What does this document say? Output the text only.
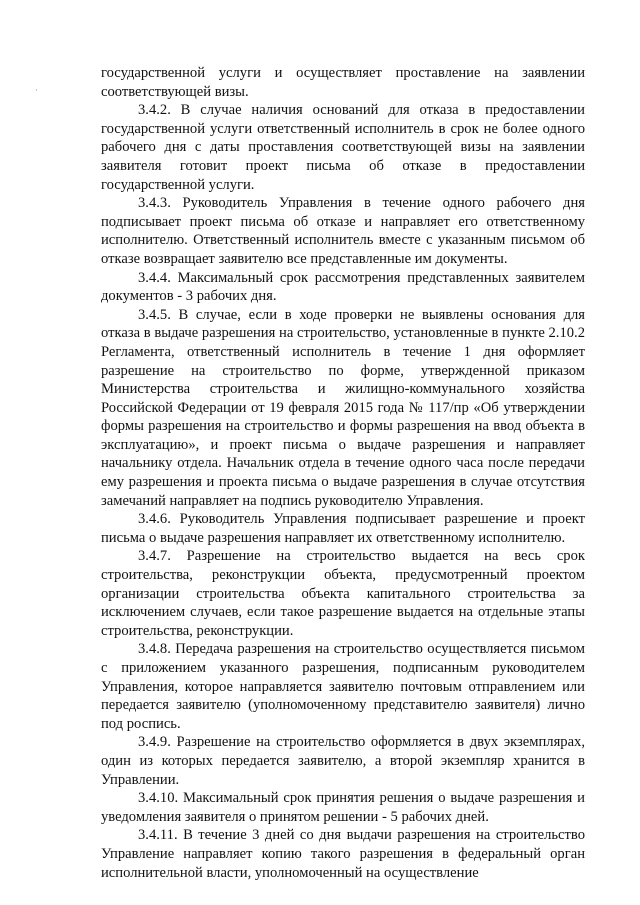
·

государственной услуги и осуществляет проставление на заявлении соответствующей визы.

3.4.2. В случае наличия оснований для отказа в предоставлении государственной услуги ответственный исполнитель в срок не более одного рабочего дня с даты проставления соответствующей визы на заявлении заявителя готовит проект письма об отказе в предоставлении государственной услуги.

3.4.3. Руководитель Управления в течение одного рабочего дня подписывает проект письма об отказе и направляет его ответственному исполнителю. Ответственный исполнитель вместе с указанным письмом об отказе возвращает заявителю все представленные им документы.

3.4.4. Максимальный срок рассмотрения представленных заявителем документов - 3 рабочих дня.

3.4.5. В случае, если в ходе проверки не выявлены основания для отказа в выдаче разрешения на строительство, установленные в пункте 2.10.2 Регламента, ответственный исполнитель в течение 1 дня оформляет разрешение на строительство по форме, утвержденной приказом Министерства строительства и жилищно-коммунального хозяйства Российской Федерации от 19 февраля 2015 года № 117/пр «Об утверждении формы разрешения на строительство и формы разрешения на ввод объекта в эксплуатацию», и проект письма о выдаче разрешения и направляет начальнику отдела. Начальник отдела в течение одного часа после передачи ему разрешения и проекта письма о выдаче разрешения в случае отсутствия замечаний направляет на подпись руководителю Управления.

3.4.6. Руководитель Управления подписывает разрешение и проект письма о выдаче разрешения направляет их ответственному исполнителю.

3.4.7. Разрешение на строительство выдается на весь срок строительства, реконструкции объекта, предусмотренный проектом организации строительства объекта капитального строительства за исключением случаев, если такое разрешение выдается на отдельные этапы строительства, реконструкции.

3.4.8. Передача разрешения на строительство осуществляется письмом с приложением указанного разрешения, подписанным руководителем Управления, которое направляется заявителю почтовым отправлением или передается заявителю (уполномоченному представителю заявителя) лично под роспись.

3.4.9. Разрешение на строительство оформляется в двух экземплярах, один из которых передается заявителю, а второй экземпляр хранится в Управлении.

3.4.10. Максимальный срок принятия решения о выдаче разрешения и уведомления заявителя о принятом решении - 5 рабочих дней.

3.4.11. В течение 3 дней со дня выдачи разрешения на строительство Управление направляет копию такого разрешения в федеральный орган исполнительной власти, уполномоченный на осуществление
